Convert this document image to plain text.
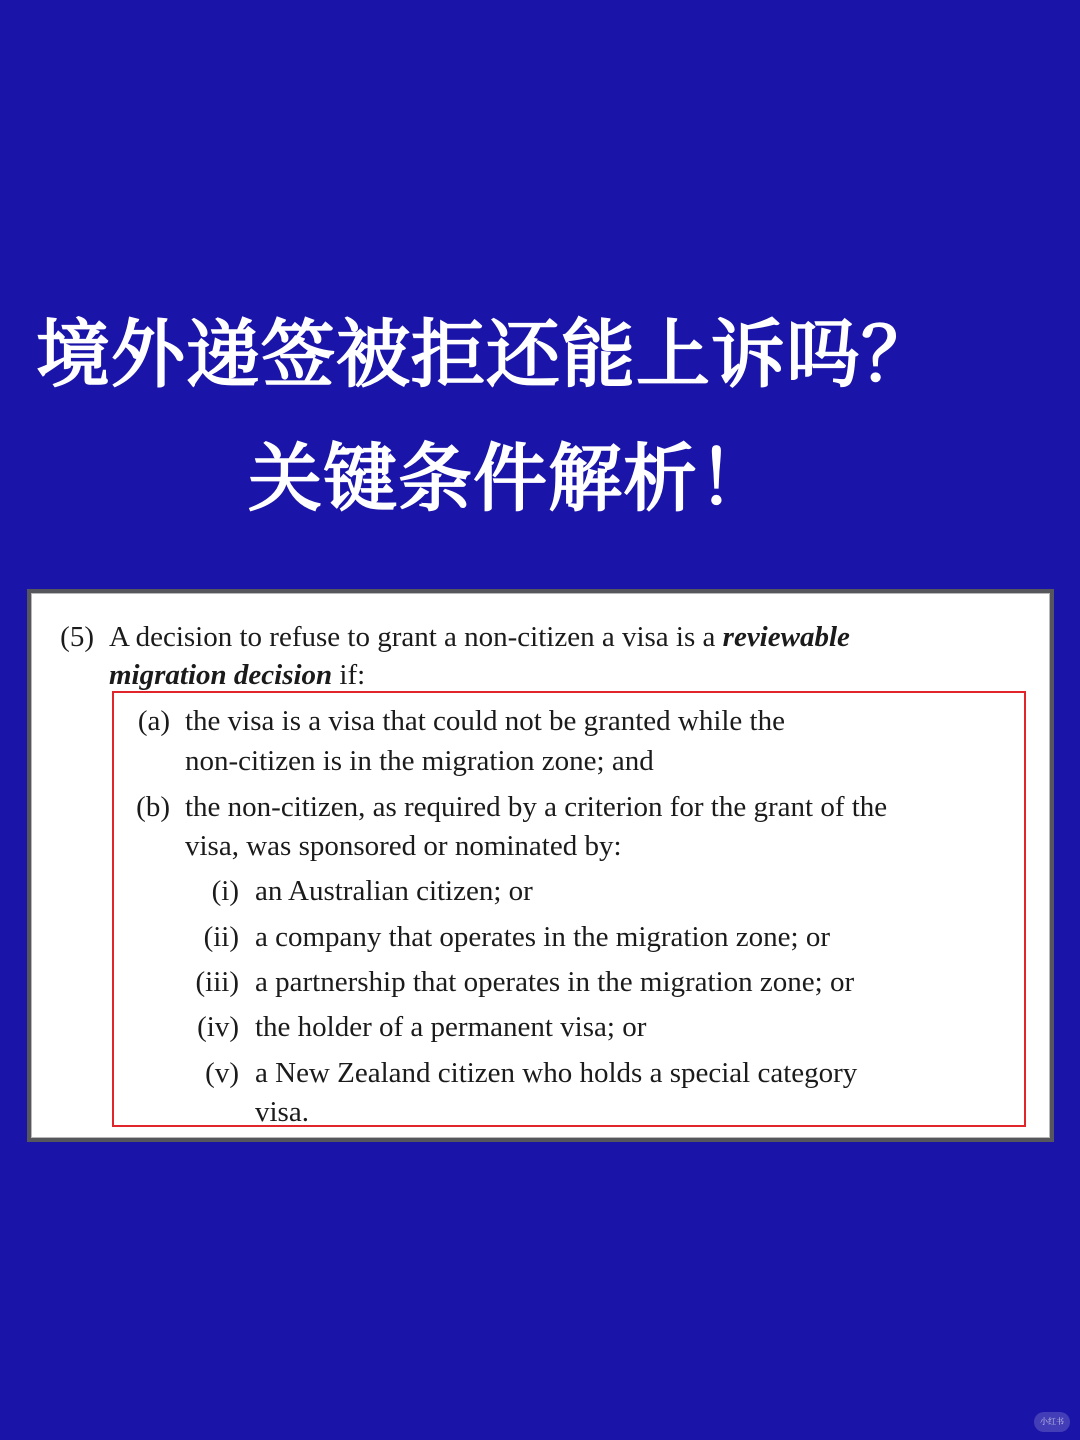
境外递签被拒还能上诉吗？
关键条件解析！
(5) A decision to refuse to grant a non-citizen a visa is a reviewable
migration decision if:
(a) the visa is a visa that could not be granted while the
non-citizen is in the migration zone; and
(b) the non-citizen, as required by a criterion for the grant of the
visa, was sponsored or nominated by:
(i) an Australian citizen; or
(ii) a company that operates in the migration zone; or
(iii) a partnership that operates in the migration zone; or
(iv) the holder of a permanent visa; or
(v) a New Zealand citizen who holds a special category
visa.
小红书
